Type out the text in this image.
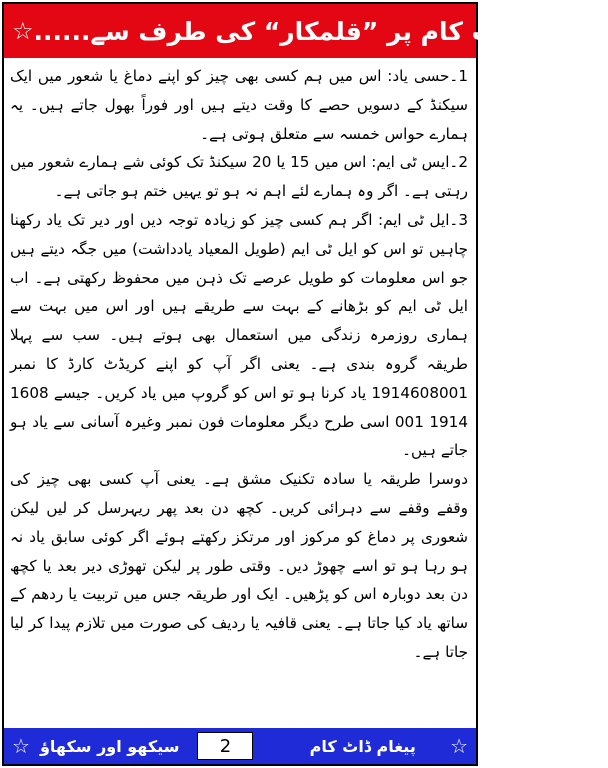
☆ پیغام ڈاٹ کام پر ”قلمکار“ کی طرف سے...... ☆

1۔حسی یاد: اس میں ہم کسی بھی چیز کو اپنے دماغ یا شعور میں ایک سیکنڈ کے دسویں حصے کا وقت دیتے ہیں اور فوراً بھول جاتے ہیں۔ یہ ہمارے حواس خمسہ سے متعلق ہوتی ہے۔

2۔ایس ٹی ایم: اس میں 15 یا 20 سیکنڈ تک کوئی شے ہمارے شعور میں رہتی ہے۔ اگر وہ ہمارے لئے اہم نہ ہو تو یہیں ختم ہو جاتی ہے۔

3۔ایل ٹی ایم: اگر ہم کسی چیز کو زیادہ توجہ دیں اور دیر تک یاد رکھنا چاہیں تو اس کو ایل ٹی ایم (طویل المعیاد یادداشت) میں جگہ دیتے ہیں جو اس معلومات کو طویل عرصے تک ذہن میں محفوظ رکھتی ہے۔ اب ایل ٹی ایم کو بڑھانے کے بہت سے طریقے ہیں اور اس میں بہت سے ہماری روزمرہ زندگی میں استعمال بھی ہوتے ہیں۔ سب سے پہلا طریقہ گروہ بندی ہے۔ یعنی اگر آپ کو اپنے کریڈٹ کارڈ کا نمبر 1914608001 یاد کرنا ہو تو اس کو گروپ میں یاد کریں۔ جیسے 1608 1914 001 اسی طرح دیگر معلومات فون نمبر وغیرہ آسانی سے یاد ہو جاتے ہیں۔

دوسرا طریقہ یا سادہ تکنیک مشق ہے۔ یعنی آپ کسی بھی چیز کی وقفے وقفے سے دہرائی کریں۔ کچھ دن بعد پھر ریہرسل کر لیں لیکن شعوری پر دماغ کو مرکوز اور مرتکز رکھتے ہوئے اگر کوئی سابق یاد نہ ہو رہا ہو تو اسے چھوڑ دیں۔ وقتی طور پر لیکن تھوڑی دیر بعد یا کچھ دن بعد دوبارہ اس کو پڑھیں۔ ایک اور طریقہ جس میں تربیت یا ردھم کے ساتھ یاد کیا جاتا ہے۔ یعنی قافیہ یا ردیف کی صورت میں تلازم پیدا کر لیا جاتا ہے۔

☆ سیکھو اور سکھاؤ	2	پیغام ڈاٹ کام	☆
